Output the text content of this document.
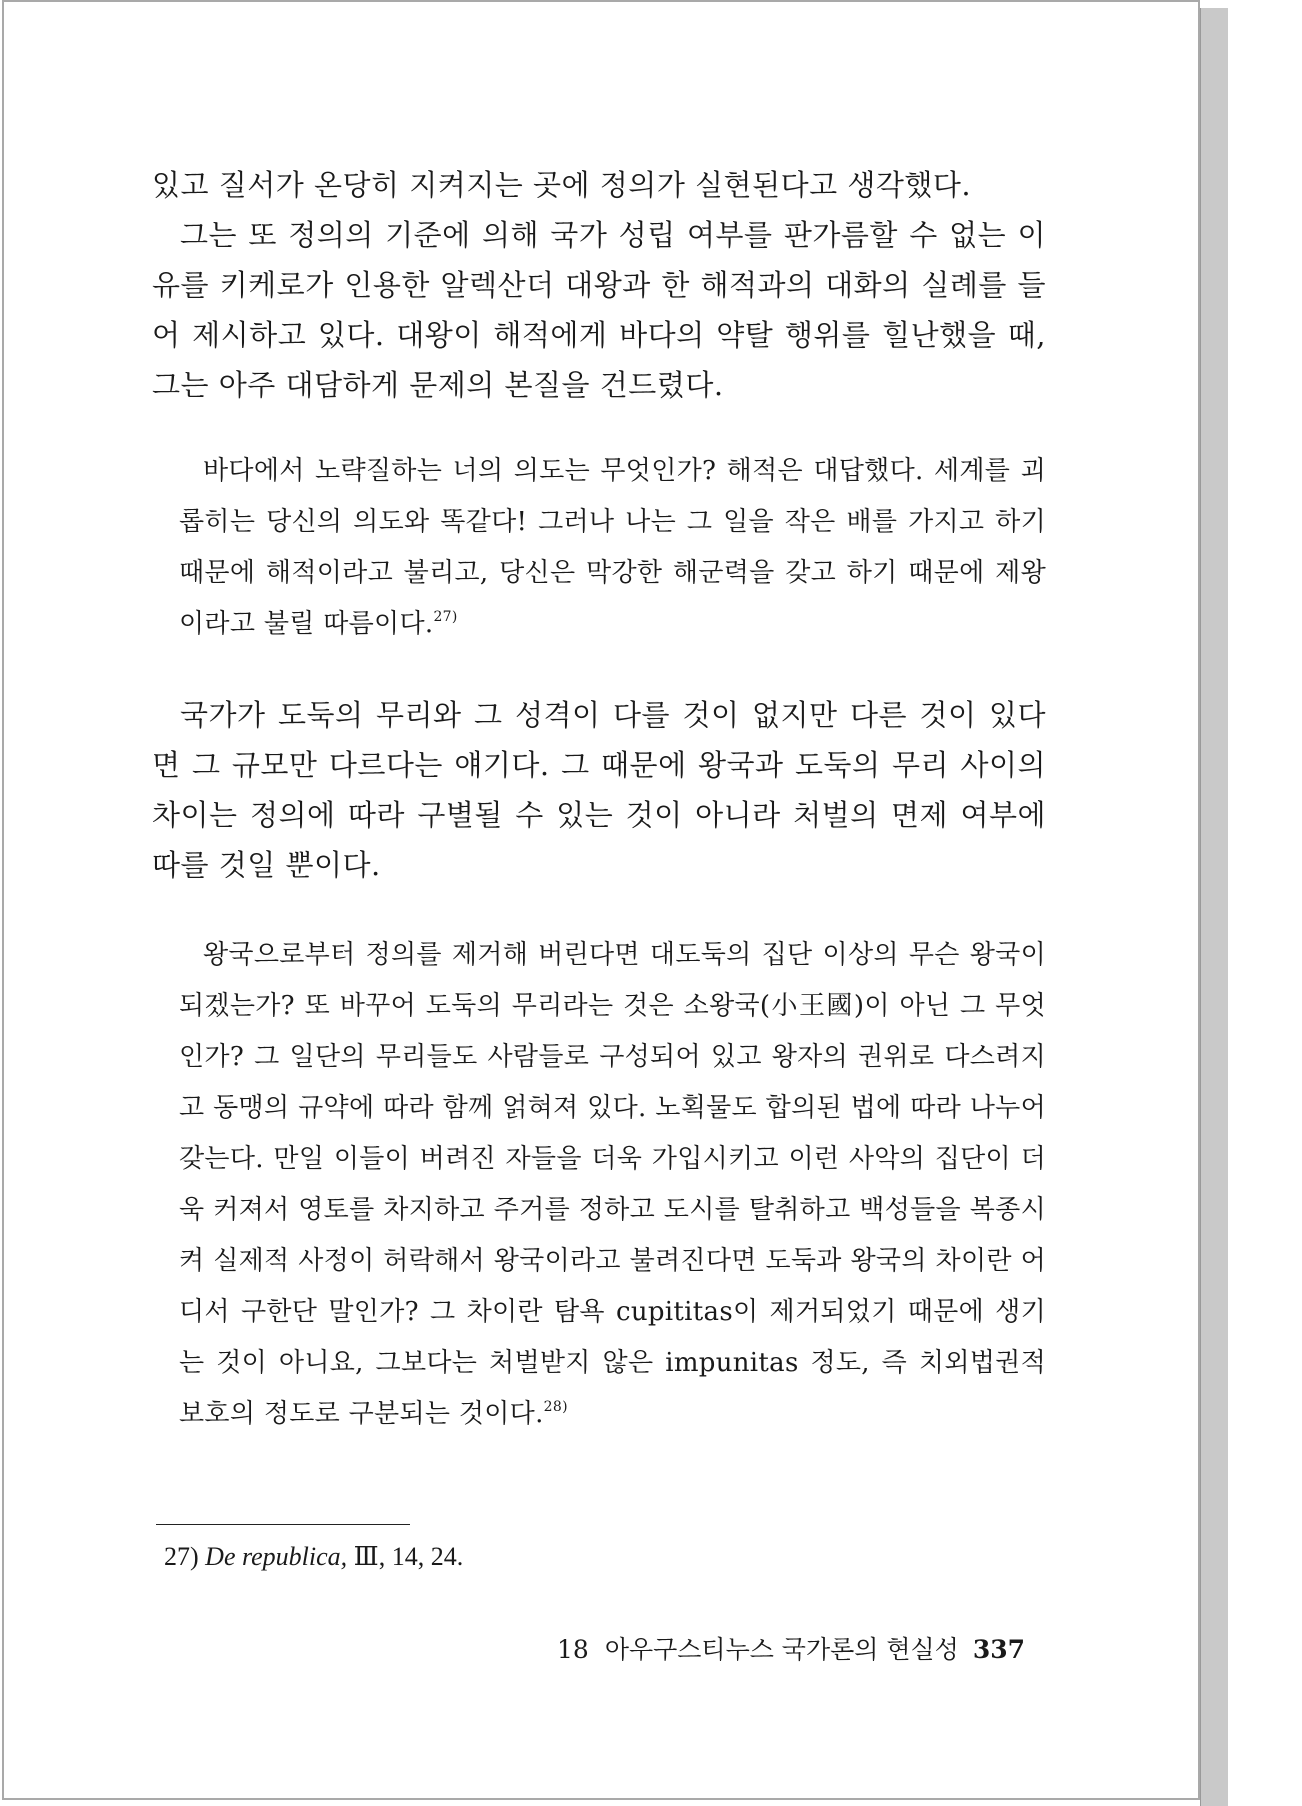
있고 질서가 온당히 지켜지는 곳에 정의가 실현된다고 생각했다.

그는 또 정의의 기준에 의해 국가 성립 여부를 판가름할 수 없는 이유를 키케로가 인용한 알렉산더 대왕과 한 해적과의 대화의 실례를 들어 제시하고 있다. 대왕이 해적에게 바다의 약탈 행위를 힐난했을 때, 그는 아주 대담하게 문제의 본질을 건드렸다.

바다에서 노략질하는 너의 의도는 무엇인가? 해적은 대답했다. 세계를 괴롭히는 당신의 의도와 똑같다! 그러나 나는 그 일을 작은 배를 가지고 하기 때문에 해적이라고 불리고, 당신은 막강한 해군력을 갖고 하기 때문에 제왕이라고 불릴 따름이다.$^{27)}$

국가가 도둑의 무리와 그 성격이 다를 것이 없지만 다른 것이 있다면 그 규모만 다르다는 얘기다. 그 때문에 왕국과 도둑의 무리 사이의 차이는 정의에 따라 구별될 수 있는 것이 아니라 처벌의 면제 여부에 따를 것일 뿐이다.

왕국으로부터 정의를 제거해 버린다면 대도둑의 집단 이상의 무슨 왕국이 되겠는가? 또 바꾸어 도둑의 무리라는 것은 소왕국(小王國)이 아닌 그 무엇인가? 그 일단의 무리들도 사람들로 구성되어 있고 왕자의 권위로 다스려지고 동맹의 규약에 따라 함께 얽혀져 있다. 노획물도 합의된 법에 따라 나누어 갖는다. 만일 이들이 버려진 자들을 더욱 가입시키고 이런 사악의 집단이 더욱 커져서 영토를 차지하고 주거를 정하고 도시를 탈취하고 백성들을 복종시켜 실제적 사정이 허락해서 왕국이라고 불려진다면 도둑과 왕국의 차이란 어디서 구한단 말인가? 그 차이란 탐욕 cupititas이 제거되었기 때문에 생기는 것이 아니요, 그보다는 처벌받지 않은 impunitas 정도, 즉 치외법권적 보호의 정도로 구분되는 것이다.$^{28)}$
27) De republica, Ⅲ, 14, 24.
18 아우구스티누스 국가론의 현실성 337
